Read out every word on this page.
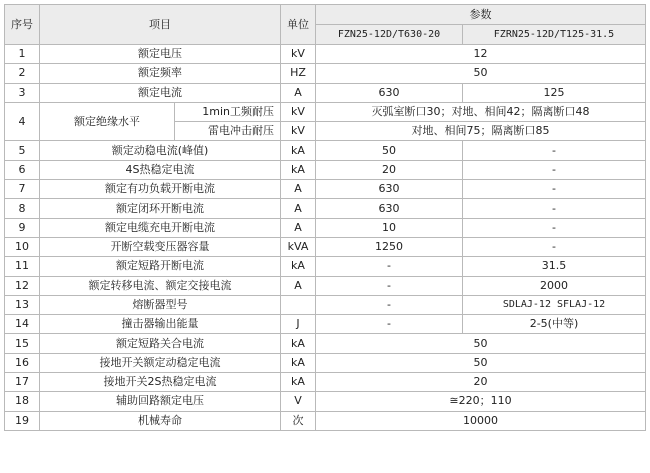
序号	项目		单位	参数	
				FZN25-12D/T630-20	FZRN25-12D/T125-31.5
1	额定电压		kV	12	
2	额定频率		HZ	50	
3	额定电流		A	630	125
4	额定绝缘水平	1min工频耐压	kV	灭弧室断口30；对地、相间42；隔离断口48	
		雷电冲击耐压	kV	对地、相间75；隔离断口85	
5	额定动稳电流(峰值)		kA	50	-
6	4S热稳定电流		kA	20	-
7	额定有功负载开断电流		A	630	-
8	额定闭环开断电流		A	630	-
9	额定电缆充电开断电流		A	10	-
10	开断空载变压器容量		kVA	1250	-
11	额定短路开断电流		kA	-	31.5
12	额定转移电流、额定交接电流		A	-	2000
13	熔断器型号			-	SDLAJ-12 SFLAJ-12
14	撞击器输出能量		J	-	2-5(中等)
15	额定短路关合电流		kA	50	
16	接地开关额定动稳定电流		kA	50	
17	接地开关2S热稳定电流		kA	20	
18	辅助回路额定电压		V	≅220；110	
19	机械寿命		次	10000	
